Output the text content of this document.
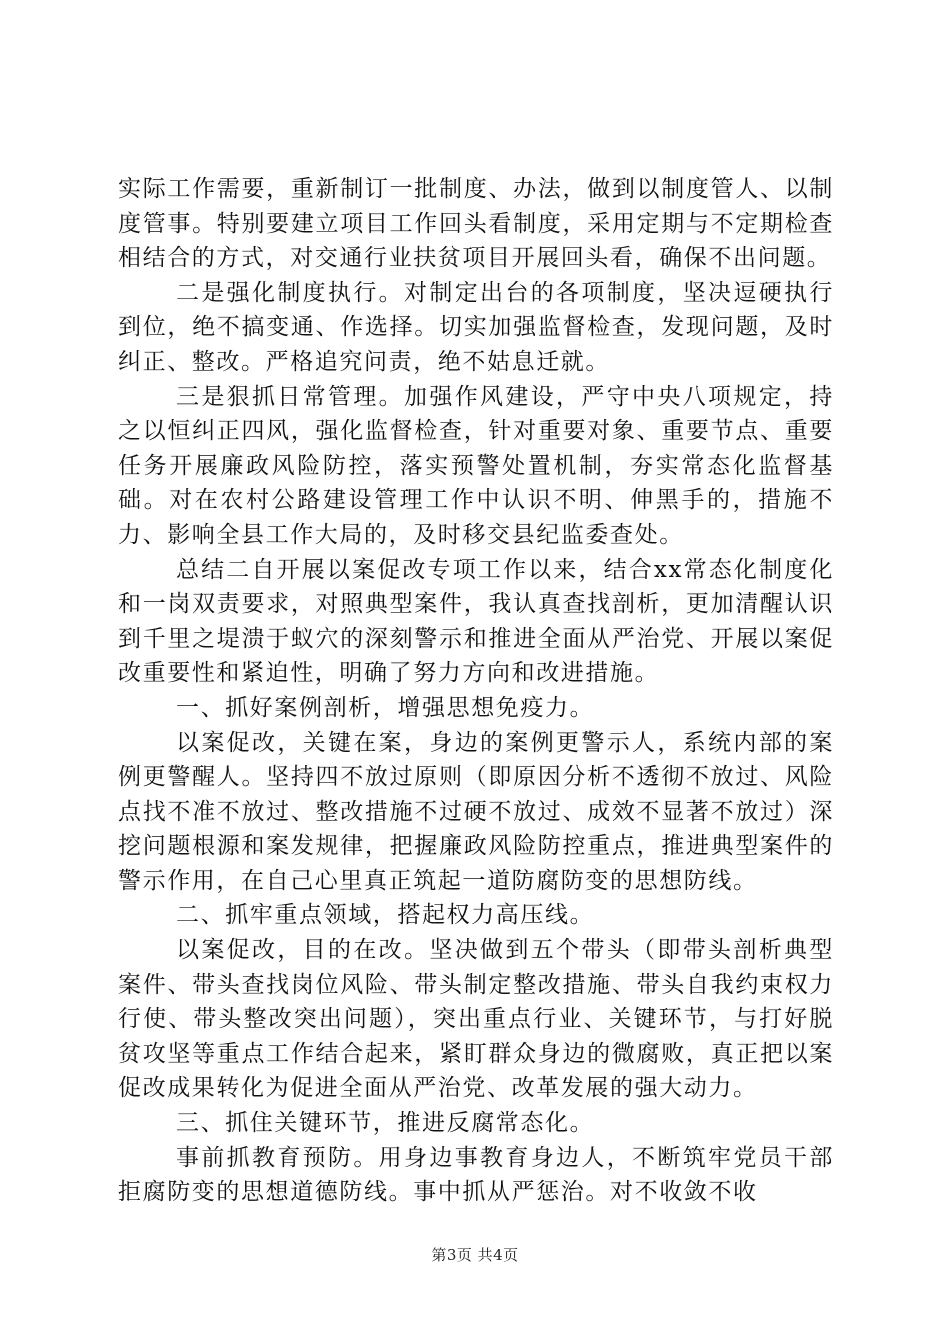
实际工作需要，重新制订一批制度、办法，做到以制度管人、以制度管事。特别要建立项目工作回头看制度，采用定期与不定期检查相结合的方式，对交通行业扶贫项目开展回头看，确保不出问题。

二是强化制度执行。对制定出台的各项制度，坚决逗硬执行到位，绝不搞变通、作选择。切实加强监督检查，发现问题，及时纠正、整改。严格追究问责，绝不姑息迁就。

三是狠抓日常管理。加强作风建设，严守中央八项规定，持之以恒纠正四风，强化监督检查，针对重要对象、重要节点、重要任务开展廉政风险防控，落实预警处置机制，夯实常态化监督基础。对在农村公路建设管理工作中认识不明、伸黑手的，措施不力、影响全县工作大局的，及时移交县纪监委查处。

总结二自开展以案促改专项工作以来，结合xx常态化制度化和一岗双责要求，对照典型案件，我认真查找剖析，更加清醒认识到千里之堤溃于蚁穴的深刻警示和推进全面从严治党、开展以案促改重要性和紧迫性，明确了努力方向和改进措施。

一、抓好案例剖析，增强思想免疫力。

以案促改，关键在案，身边的案例更警示人，系统内部的案例更警醒人。坚持四不放过原则（即原因分析不透彻不放过、风险点找不准不放过、整改措施不过硬不放过、成效不显著不放过）深挖问题根源和案发规律，把握廉政风险防控重点，推进典型案件的警示作用，在自己心里真正筑起一道防腐防变的思想防线。

二、抓牢重点领域，搭起权力高压线。

以案促改，目的在改。坚决做到五个带头（即带头剖析典型案件、带头查找岗位风险、带头制定整改措施、带头自我约束权力行使、带头整改突出问题），突出重点行业、关键环节，与打好脱贫攻坚等重点工作结合起来，紧盯群众身边的微腐败，真正把以案促改成果转化为促进全面从严治党、改革发展的强大动力。

三、抓住关键环节，推进反腐常态化。

事前抓教育预防。用身边事教育身边人，不断筑牢党员干部拒腐防变的思想道德防线。事中抓从严惩治。对不收敛不收

第3页 共4页
